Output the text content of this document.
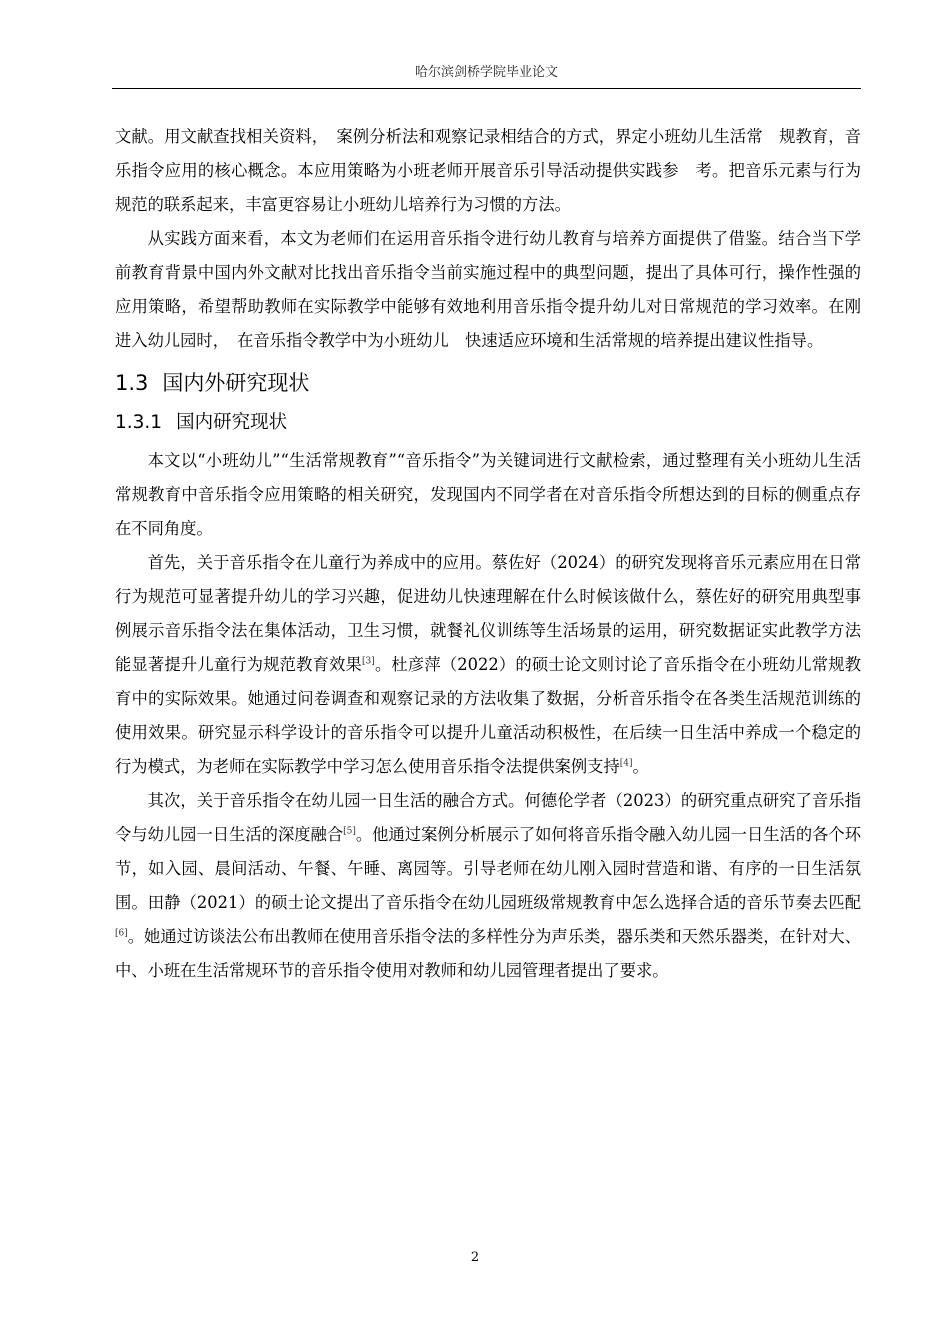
哈尔滨剑桥学院毕业论文

文献。用文献查找相关资料，　案例分析法和观察记录相结合的方式，界定小班幼儿生活常　规教育，音乐指令应用的核心概念。本应用策略为小班老师开展音乐引导活动提供实践参　考。把音乐元素与行为规范的联系起来，丰富更容易让小班幼儿培养行为习惯的方法。

从实践方面来看，本文为老师们在运用音乐指令进行幼儿教育与培养方面提供了借鉴。结合当下学前教育背景中国内外文献对比找出音乐指令当前实施过程中的典型问题，提出了具体可行，操作性强的应用策略，希望帮助教师在实际教学中能够有效地利用音乐指令提升幼儿对日常规范的学习效率。在刚进入幼儿园时，　在音乐指令教学中为小班幼儿　快速适应环境和生活常规的培养提出建议性指导。

1.3 国内外研究现状
1.3.1 国内研究现状

本文以“小班幼儿”“生活常规教育”“音乐指令”为关键词进行文献检索，通过整理有关小班幼儿生活常规教育中音乐指令应用策略的相关研究，发现国内不同学者在对音乐指令所想达到的目标的侧重点存在不同角度。

首先，关于音乐指令在儿童行为养成中的应用。蔡佐好（2024）的研究发现将音乐元素应用在日常行为规范可显著提升幼儿的学习兴趣，促进幼儿快速理解在什么时候该做什么，蔡佐好的研究用典型事例展示音乐指令法在集体活动，卫生习惯，就餐礼仪训练等生活场景的运用，研究数据证实此教学方法能显著提升儿童行为规范教育效果[3]。杜彦萍（2022）的硕士论文则讨论了音乐指令在小班幼儿常规教育中的实际效果。她通过问卷调查和观察记录的方法收集了数据，分析音乐指令在各类生活规范训练的使用效果。研究显示科学设计的音乐指令可以提升儿童活动积极性，在后续一日生活中养成一个稳定的行为模式，为老师在实际教学中学习怎么使用音乐指令法提供案例支持[4]。

其次，关于音乐指令在幼儿园一日生活的融合方式。何德伦学者（2023）的研究重点研究了音乐指令与幼儿园一日生活的深度融合[5]。他通过案例分析展示了如何将音乐指令融入幼儿园一日生活的各个环节，如入园、晨间活动、午餐、午睡、离园等。引导老师在幼儿刚入园时营造和谐、有序的一日生活氛围。田静（2021）的硕士论文提出了音乐指令在幼儿园班级常规教育中怎么选择合适的音乐节奏去匹配[6]。她通过访谈法公布出教师在使用音乐指令法的多样性分为声乐类，器乐类和天然乐器类，在针对大、中、小班在生活常规环节的音乐指令使用对教师和幼儿园管理者提出了要求。

2
